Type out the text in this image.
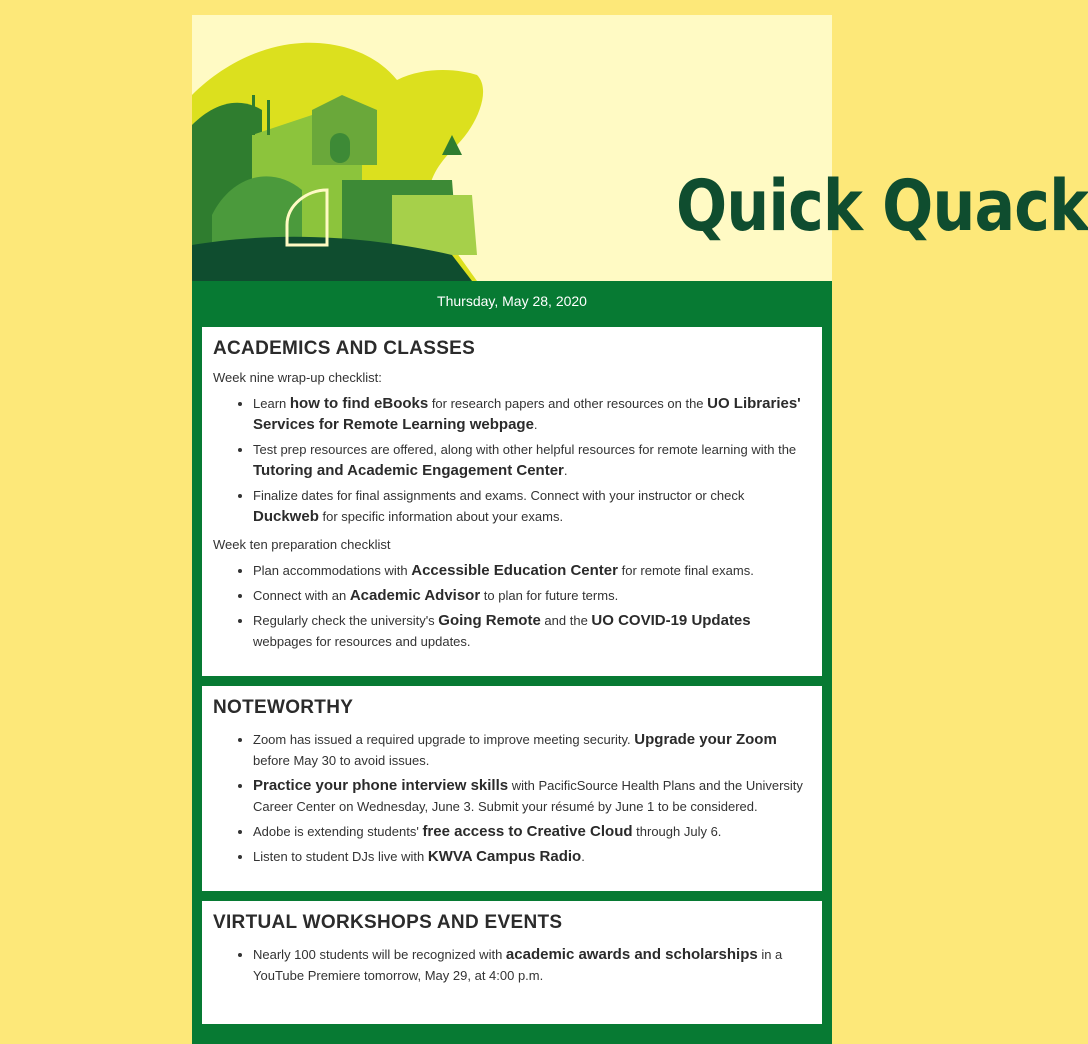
Quick Quack
Thursday, May 28, 2020
ACADEMICS AND CLASSES

Week nine wrap-up checklist:

• Learn how to find eBooks for research papers and other resources on the UO Libraries' Services for Remote Learning webpage.
• Test prep resources are offered, along with other helpful resources for remote learning with the Tutoring and Academic Engagement Center.
• Finalize dates for final assignments and exams. Connect with your instructor or check Duckweb for specific information about your exams.

Week ten preparation checklist

• Plan accommodations with Accessible Education Center for remote final exams.
• Connect with an Academic Advisor to plan for future terms.
• Regularly check the university's Going Remote and the UO COVID-19 Updates webpages for resources and updates.
NOTEWORTHY
• Zoom has issued a required upgrade to improve meeting security. Upgrade your Zoom before May 30 to avoid issues.
• Practice your phone interview skills with PacificSource Health Plans and the University Career Center on Wednesday, June 3. Submit your résumé by June 1 to be considered.
• Adobe is extending students' free access to Creative Cloud through July 6.
• Listen to student DJs live with KWVA Campus Radio.
VIRTUAL WORKSHOPS AND EVENTS
• Nearly 100 students will be recognized with academic awards and scholarships in a YouTube Premiere tomorrow, May 29, at 4:00 p.m.
